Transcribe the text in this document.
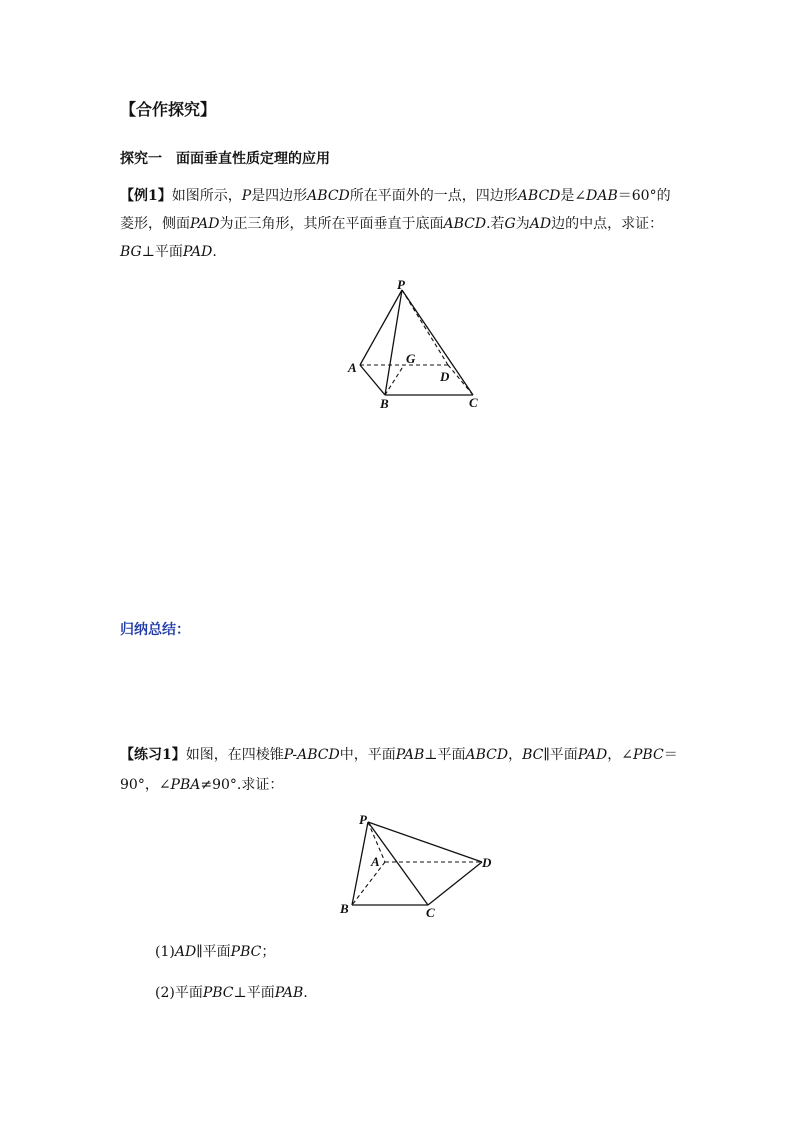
【合作探究】
探究一　面面垂直性质定理的应用
【例1】如图所示，P是四边形ABCD所在平面外的一点，四边形ABCD是∠DAB＝60°的菱形，侧面PAD为正三角形，其所在平面垂直于底面ABCD.若G为AD边的中点，求证：BG⊥平面PAD.
P
A
B	C
D
G
归纳总结：
【练习1】如图，在四棱锥P-ABCD中，平面PAB⊥平面ABCD，BC∥平面PAD，∠PBC＝90°，∠PBA≠90°.求证：
P
A
B	C
D
(1)AD∥平面PBC；
(2)平面PBC⊥平面PAB.
